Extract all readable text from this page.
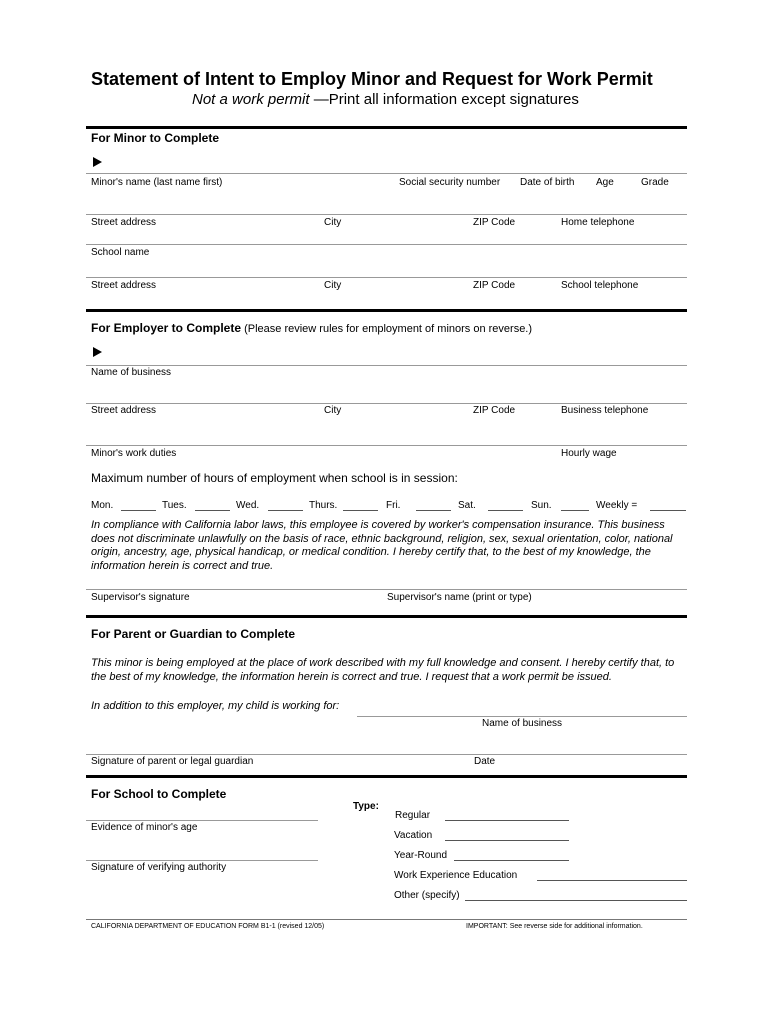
Statement of Intent to Employ Minor and Request for Work Permit
Not a work permit —Print all information except signatures
For Minor to Complete
Minor's name (last name first)	Social security number Date of birth Age	Grade
Street address	City	ZIP Code	Home telephone
School name
Street address	City	ZIP Code	School telephone
For Employer to Complete (Please review rules for employment of minors on reverse.)
Name of business
Street address	City	ZIP Code	Business telephone
Minor's work duties	Hourly wage
Maximum number of hours of employment when school is in session:
Mon.	Tues.	Wed.	Thurs.	Fri.	Sat.	Sun.	Weekly =
In compliance with California labor laws, this employee is covered by worker's compensation insurance. This business does not discriminate unlawfully on the basis of race, ethnic background, religion, sex, sexual orientation, color, national origin, ancestry, age, physical handicap, or medical condition. I hereby certify that, to the best of my knowledge, the information herein is correct and true.
Supervisor's signature	Supervisor's name (print or type)
For Parent or Guardian to Complete
This minor is being employed at the place of work described with my full knowledge and consent. I hereby certify that, to the best of my knowledge, the information herein is correct and true. I request that a work permit be issued.
In addition to this employer, my child is working for:
Name of business
Signature of parent or legal guardian	Date
For School to Complete
Type:
Evidence of minor's age
Signature of verifying authority
Regular
Vacation
Year-Round
Work Experience Education
Other (specify)
CALIFORNIA DEPARTMENT OF EDUCATION FORM B1-1 (revised 12/05)	IMPORTANT: See reverse side for additional information.
